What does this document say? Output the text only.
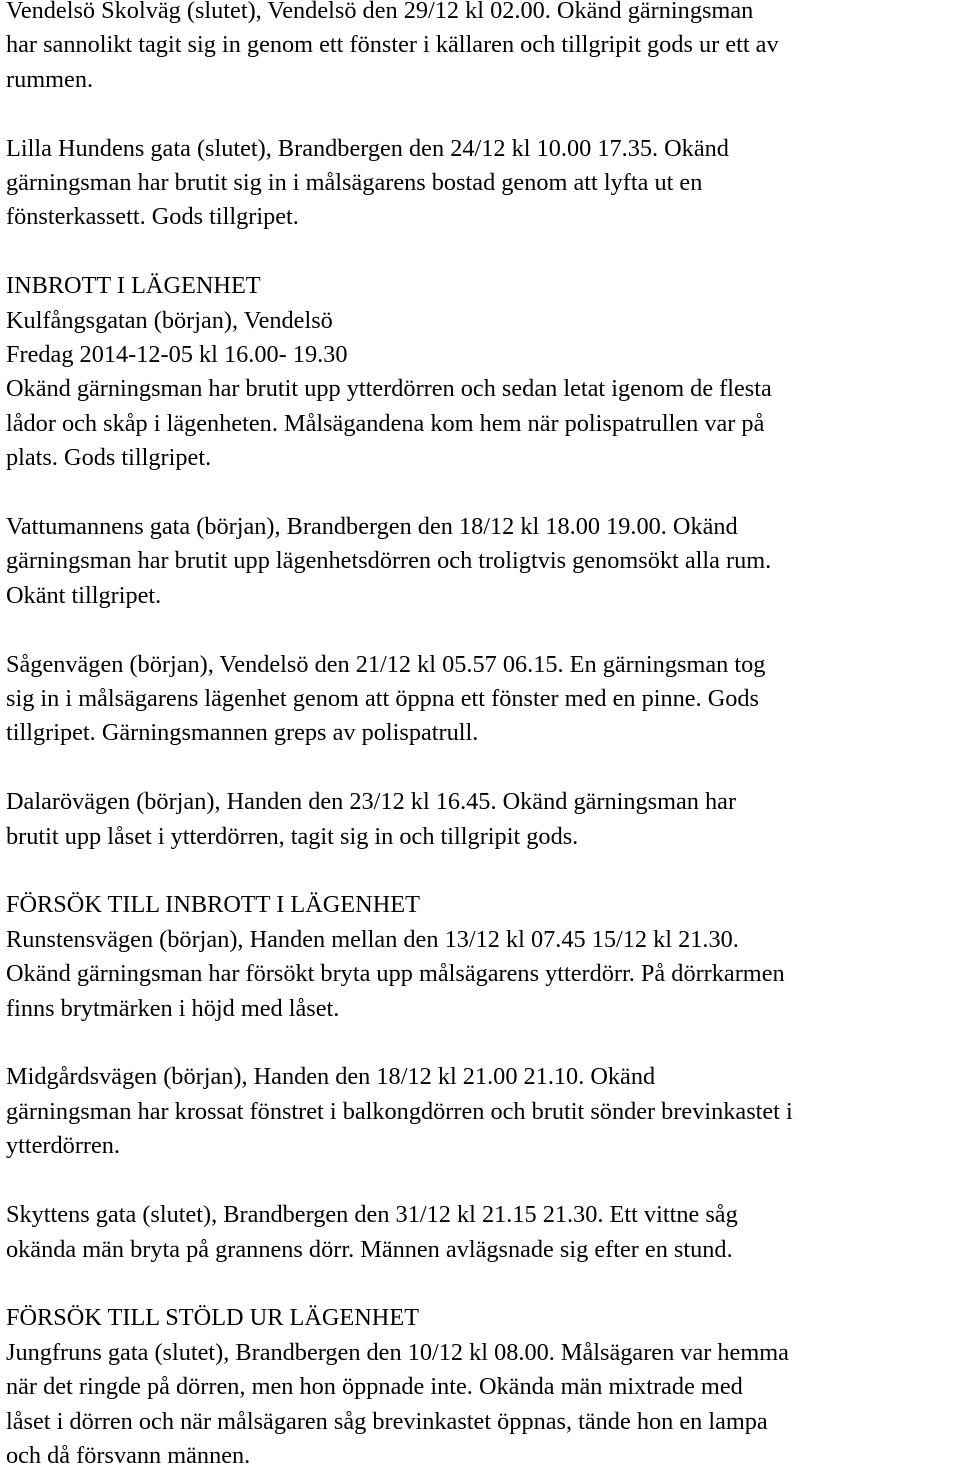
Vendelsö Skolväg (slutet), Vendelsö den 29/12 kl 02.00. Okänd gärningsman
har sannolikt tagit sig in genom ett fönster i källaren och tillgripit gods ur ett av
rummen.
Lilla Hundens gata (slutet), Brandbergen den 24/12 kl 10.00 17.35. Okänd
gärningsman har brutit sig in i målsägarens bostad genom att lyfta ut en
fönsterkassett. Gods tillgripet.
INBROTT I LÄGENHET
Kulfångsgatan (början), Vendelsö
Fredag 2014-12-05 kl 16.00- 19.30
Okänd gärningsman har brutit upp ytterdörren och sedan letat igenom de flesta
lådor och skåp i lägenheten. Målsägandena kom hem när polispatrullen var på
plats. Gods tillgripet.
Vattumannens gata (början), Brandbergen den 18/12 kl 18.00 19.00. Okänd
gärningsman har brutit upp lägenhetsdörren och troligtvis genomsökt alla rum.
Okänt tillgripet.
Sågenvägen (början), Vendelsö den 21/12 kl 05.57 06.15. En gärningsman tog
sig in i målsägarens lägenhet genom att öppna ett fönster med en pinne. Gods
tillgripet. Gärningsmannen greps av polispatrull.
Dalarövägen (början), Handen den 23/12 kl 16.45. Okänd gärningsman har
brutit upp låset i ytterdörren, tagit sig in och tillgripit gods.
FÖRSÖK TILL INBROTT I LÄGENHET
Runstensvägen (början), Handen mellan den 13/12 kl 07.45 15/12 kl 21.30.
Okänd gärningsman har försökt bryta upp målsägarens ytterdörr. På dörrkarmen
finns brytmärken i höjd med låset.
Midgårdsvägen (början), Handen den 18/12 kl 21.00 21.10. Okänd
gärningsman har krossat fönstret i balkongdörren och brutit sönder brevinkastet i
ytterdörren.
Skyttens gata (slutet), Brandbergen den 31/12 kl 21.15 21.30. Ett vittne såg
okända män bryta på grannens dörr. Männen avlägsnade sig efter en stund.
FÖRSÖK TILL STÖLD UR LÄGENHET
Jungfruns gata (slutet), Brandbergen den 10/12 kl 08.00. Målsägaren var hemma
när det ringde på dörren, men hon öppnade inte. Okända män mixtrade med
låset i dörren och när målsägaren såg brevinkastet öppnas, tände hon en lampa
och då försvann männen.
